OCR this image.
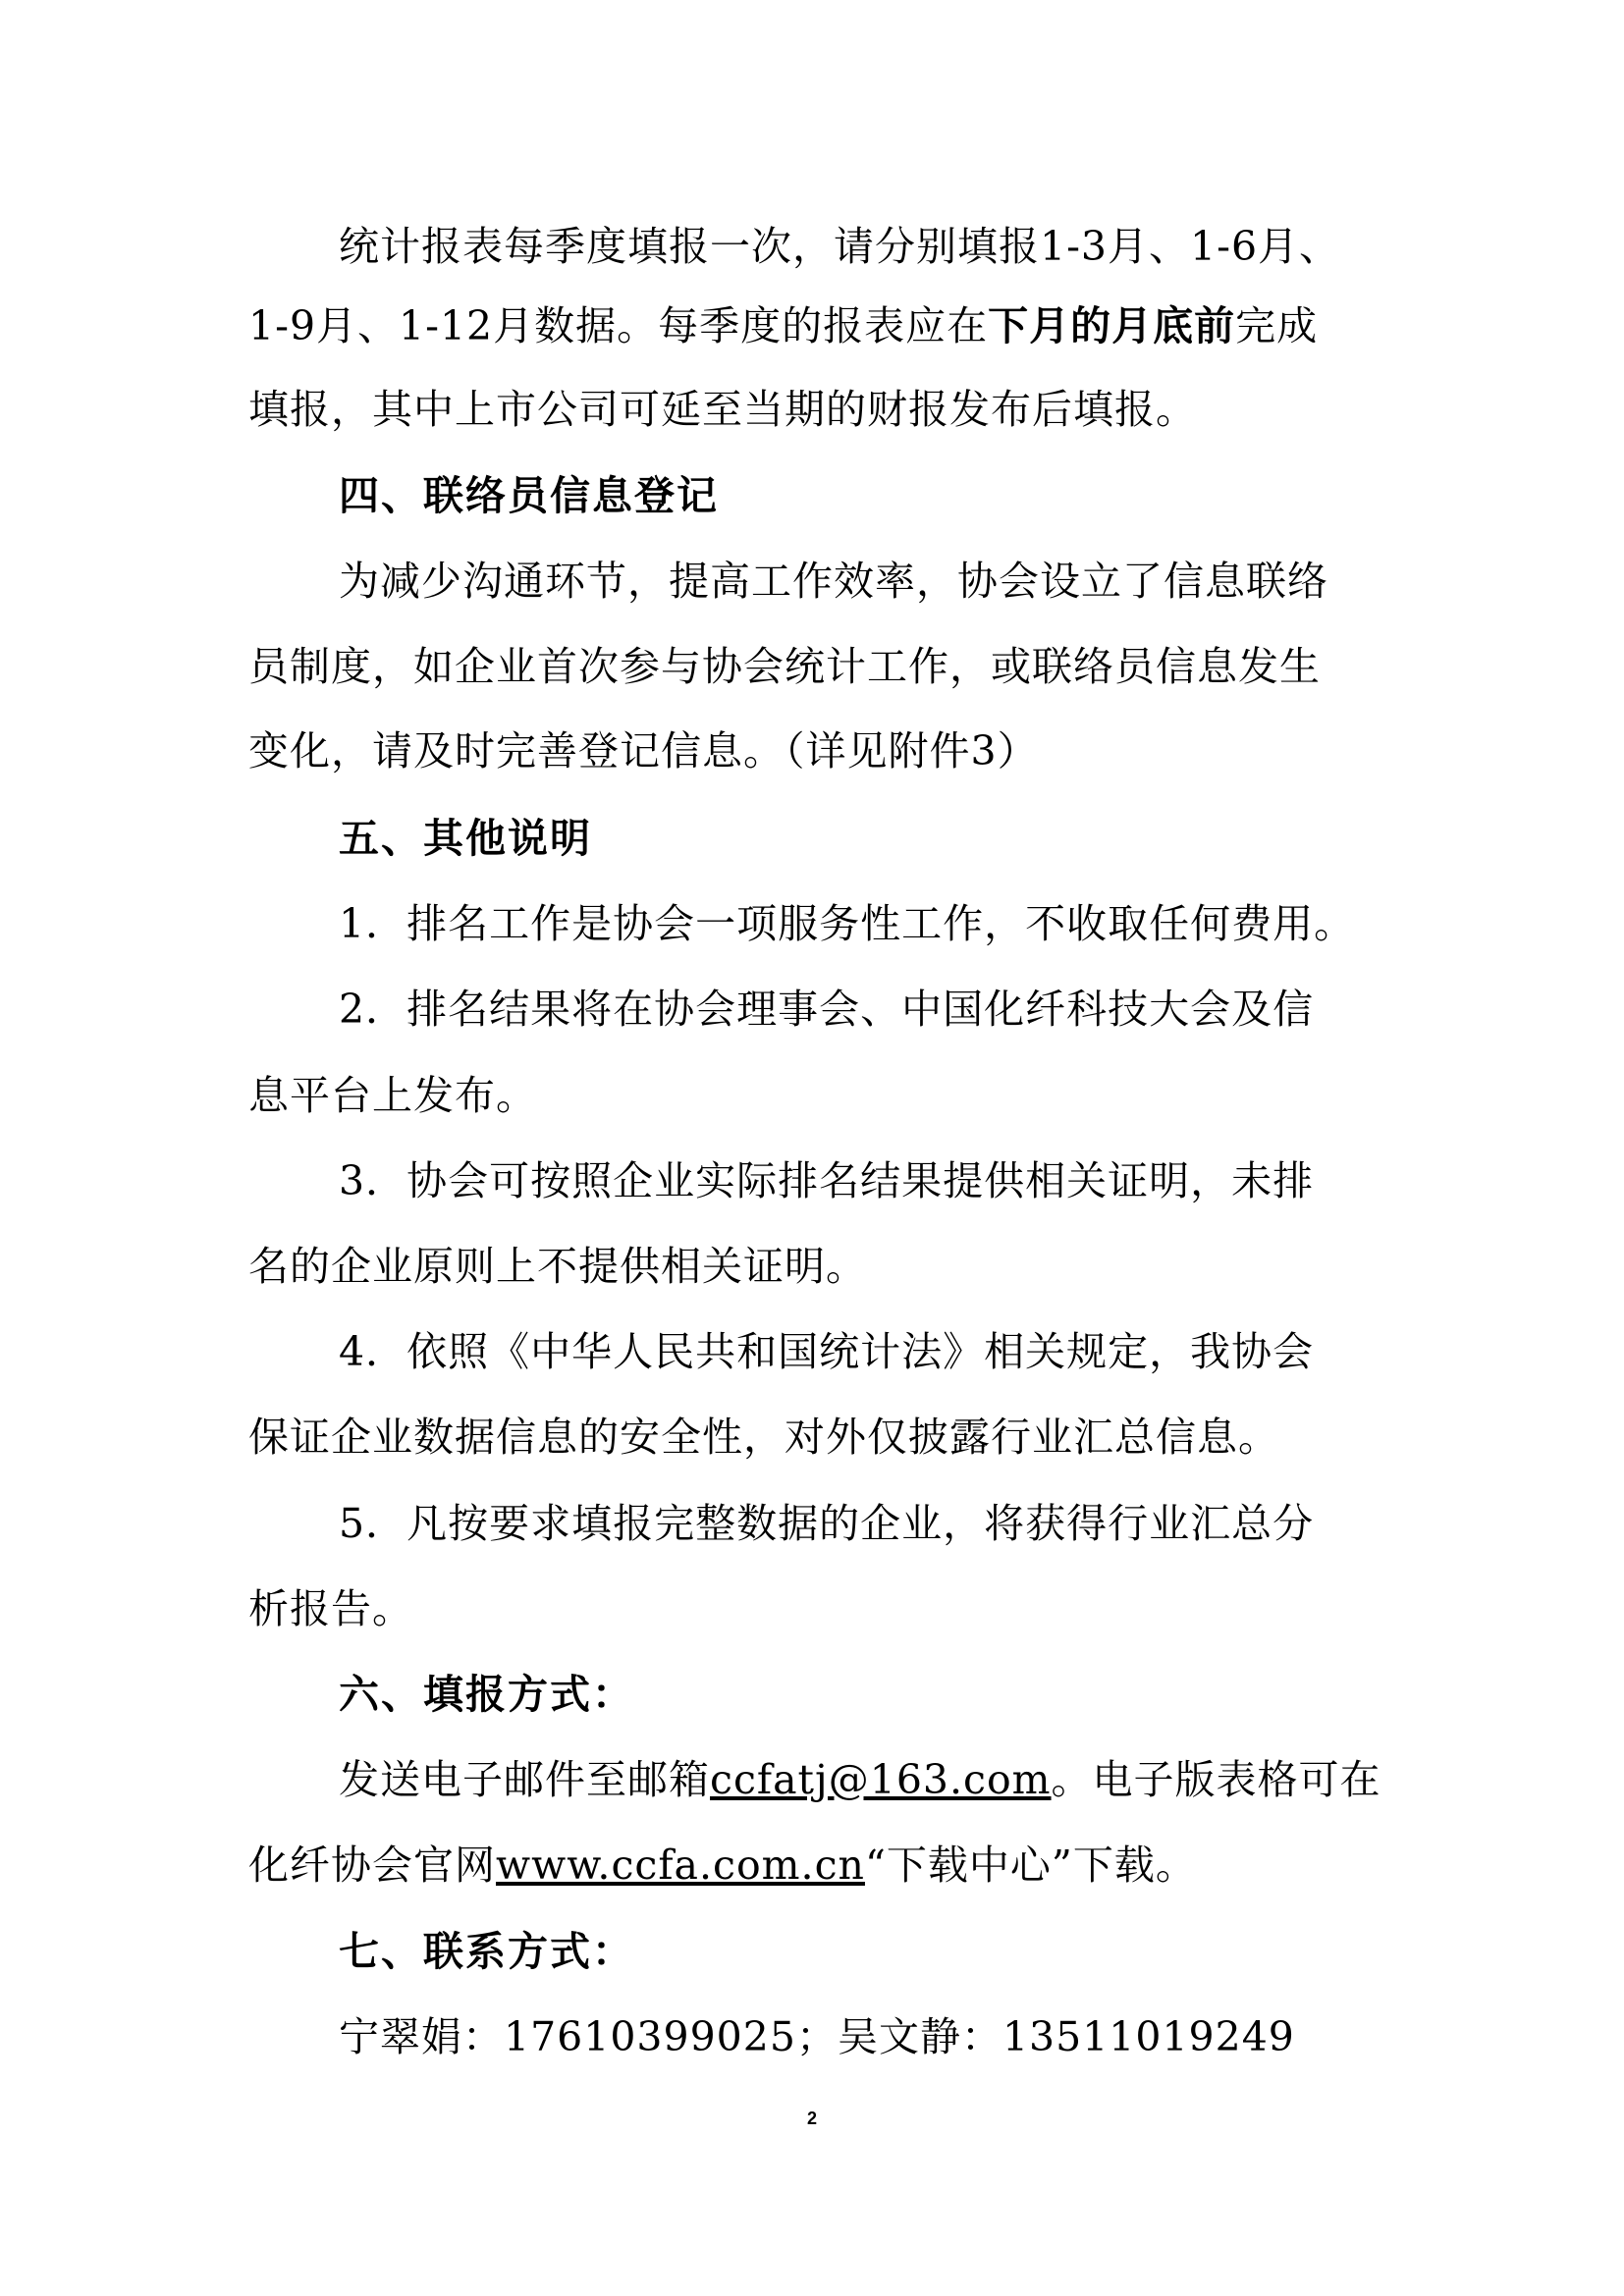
统计报表每季度填报一次，请分别填报1-3月、1-6月、
1-9月、1-12月数据。每季度的报表应在下月的月底前完成
填报，其中上市公司可延至当期的财报发布后填报。
四、联络员信息登记
为减少沟通环节，提高工作效率，协会设立了信息联络
员制度，如企业首次参与协会统计工作，或联络员信息发生
变化，请及时完善登记信息。（详见附件3）
五、其他说明
1．排名工作是协会一项服务性工作，不收取任何费用。
2．排名结果将在协会理事会、中国化纤科技大会及信
息平台上发布。
3．协会可按照企业实际排名结果提供相关证明，未排
名的企业原则上不提供相关证明。
4．依照《中华人民共和国统计法》相关规定，我协会
保证企业数据信息的安全性，对外仅披露行业汇总信息。
5．凡按要求填报完整数据的企业，将获得行业汇总分
析报告。
六、填报方式：
发送电子邮件至邮箱ccfatj@163.com。电子版表格可在
化纤协会官网www.ccfa.com.cn“下载中心”下载。
七、联系方式：
宁翠娟：17610399025；吴文静：13511019249
2
